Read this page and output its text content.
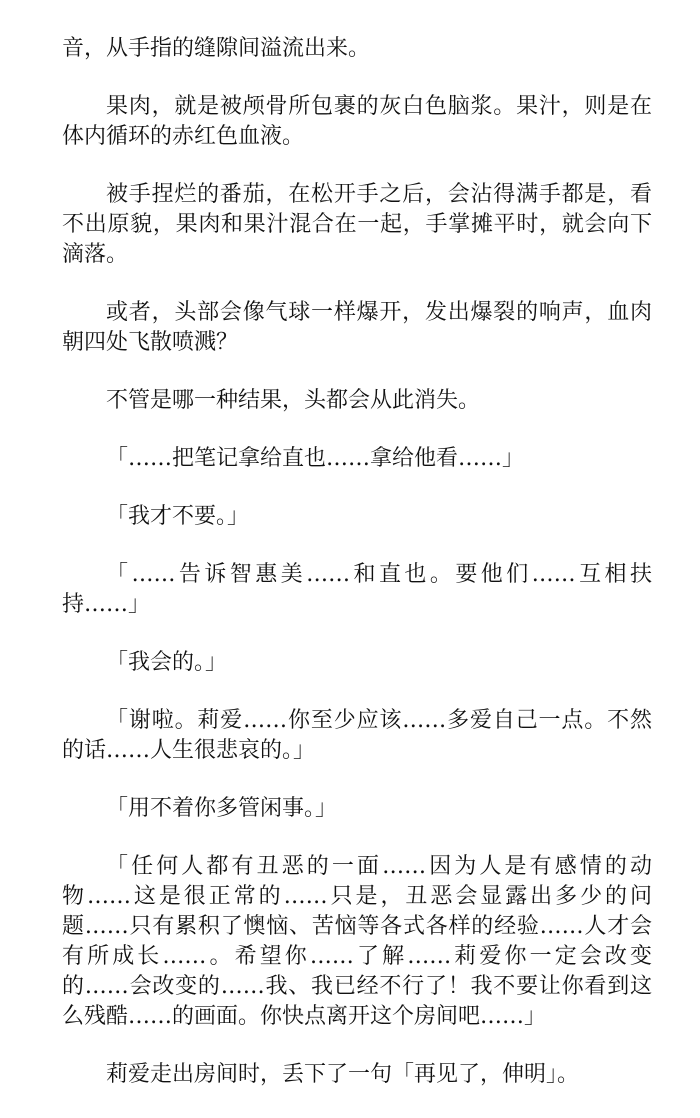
音，从手指的缝隙间溢流出来。

果肉，就是被颅骨所包裹的灰白色脑浆。果汁，则是在体内循环的赤红色血液。

被手捏烂的番茄，在松开手之后，会沾得满手都是，看不出原貌，果肉和果汁混合在一起，手掌摊平时，就会向下滴落。

或者，头部会像气球一样爆开，发出爆裂的响声，血肉朝四处飞散喷溅？

不管是哪一种结果，头都会从此消失。

「……把笔记拿给直也……拿给他看……」

「我才不要。」

「……告诉智惠美……和直也。要他们……互相扶持……」

「我会的。」

「谢啦。莉爱……你至少应该……多爱自己一点。不然的话……人生很悲哀的。」

「用不着你多管闲事。」

「任何人都有丑恶的一面……因为人是有感情的动物……这是很正常的……只是，丑恶会显露出多少的问题……只有累积了懊恼、苦恼等各式各样的经验……人才会有所成长……。希望你……了解……莉爱你一定会改变的……会改变的……我、我已经不行了！我不要让你看到这么残酷……的画面。你快点离开这个房间吧……」

莉爱走出房间时，丢下了一句「再见了，伸明」。
